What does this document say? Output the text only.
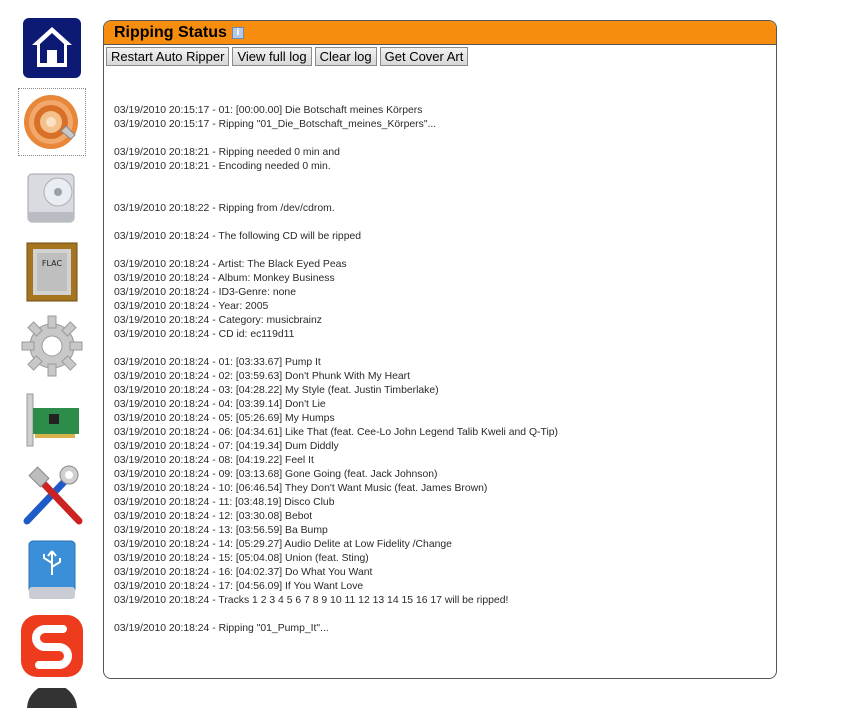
FLAC
Ripping Status	i
Restart Auto Ripper	View full log	Clear log	Get Cover Art
03/19/2010 20:15:17 - 01: [00:00.00] Die Botschaft meines Körpers
03/19/2010 20:15:17 - Ripping "01_Die_Botschaft_meines_Körpers"...
03/19/2010 20:18:21 - Ripping needed 0 min and
03/19/2010 20:18:21 - Encoding needed 0 min.
03/19/2010 20:18:22 - Ripping from /dev/cdrom.
03/19/2010 20:18:24 - The following CD will be ripped
03/19/2010 20:18:24 - Artist: The Black Eyed Peas
03/19/2010 20:18:24 - Album: Monkey Business
03/19/2010 20:18:24 - ID3-Genre: none
03/19/2010 20:18:24 - Year: 2005
03/19/2010 20:18:24 - Category: musicbrainz
03/19/2010 20:18:24 - CD id: ec119d11
03/19/2010 20:18:24 - 01: [03:33.67] Pump It
03/19/2010 20:18:24 - 02: [03:59.63] Don't Phunk With My Heart
03/19/2010 20:18:24 - 03: [04:28.22] My Style (feat. Justin Timberlake)
03/19/2010 20:18:24 - 04: [03:39.14] Don't Lie
03/19/2010 20:18:24 - 05: [05:26.69] My Humps
03/19/2010 20:18:24 - 06: [04:34.61] Like That (feat. Cee-Lo John Legend Talib Kweli and Q-Tip)
03/19/2010 20:18:24 - 07: [04:19.34] Dum Diddly
03/19/2010 20:18:24 - 08: [04:19.22] Feel It
03/19/2010 20:18:24 - 09: [03:13.68] Gone Going (feat. Jack Johnson)
03/19/2010 20:18:24 - 10: [06:46.54] They Don't Want Music (feat. James Brown)
03/19/2010 20:18:24 - 11: [03:48.19] Disco Club
03/19/2010 20:18:24 - 12: [03:30.08] Bebot
03/19/2010 20:18:24 - 13: [03:56.59] Ba Bump
03/19/2010 20:18:24 - 14: [05:29.27] Audio Delite at Low Fidelity /Change
03/19/2010 20:18:24 - 15: [05:04.08] Union (feat. Sting)
03/19/2010 20:18:24 - 16: [04:02.37] Do What You Want
03/19/2010 20:18:24 - 17: [04:56.09] If You Want Love
03/19/2010 20:18:24 - Tracks 1 2 3 4 5 6 7 8 9 10 11 12 13 14 15 16 17 will be ripped!
03/19/2010 20:18:24 - Ripping "01_Pump_It"...
